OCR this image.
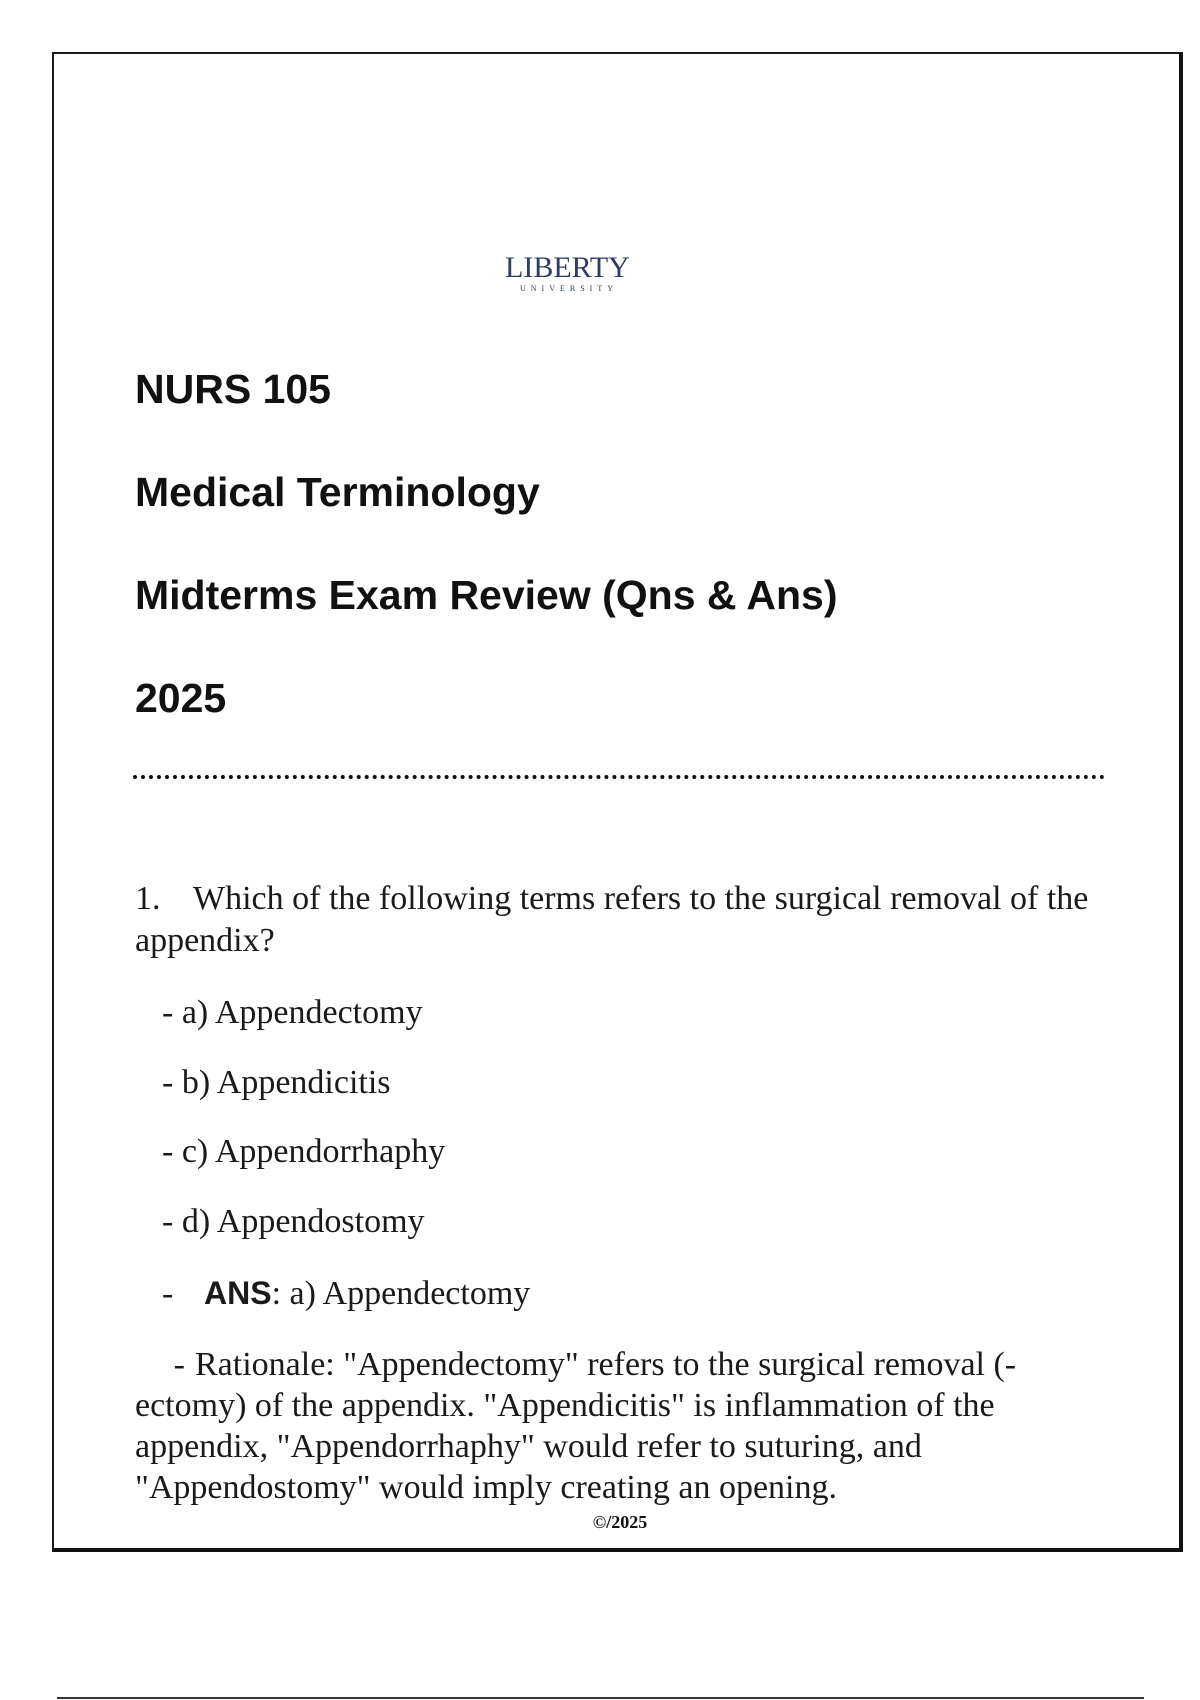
LIBERTY
UNIVERSITY
NURS 105
Medical Terminology
Midterms Exam Review (Qns & Ans)
2025

1. Which of the following terms refers to the surgical removal of the appendix?

- a) Appendectomy

- b) Appendicitis

- c) Appendorrhaphy

- d) Appendostomy

- ANS: a) Appendectomy

- Rationale: "Appendectomy" refers to the surgical removal (-ectomy) of the appendix. "Appendicitis" is inflammation of the appendix, "Appendorrhaphy" would refer to suturing, and "Appendostomy" would imply creating an opening.

©/2025
